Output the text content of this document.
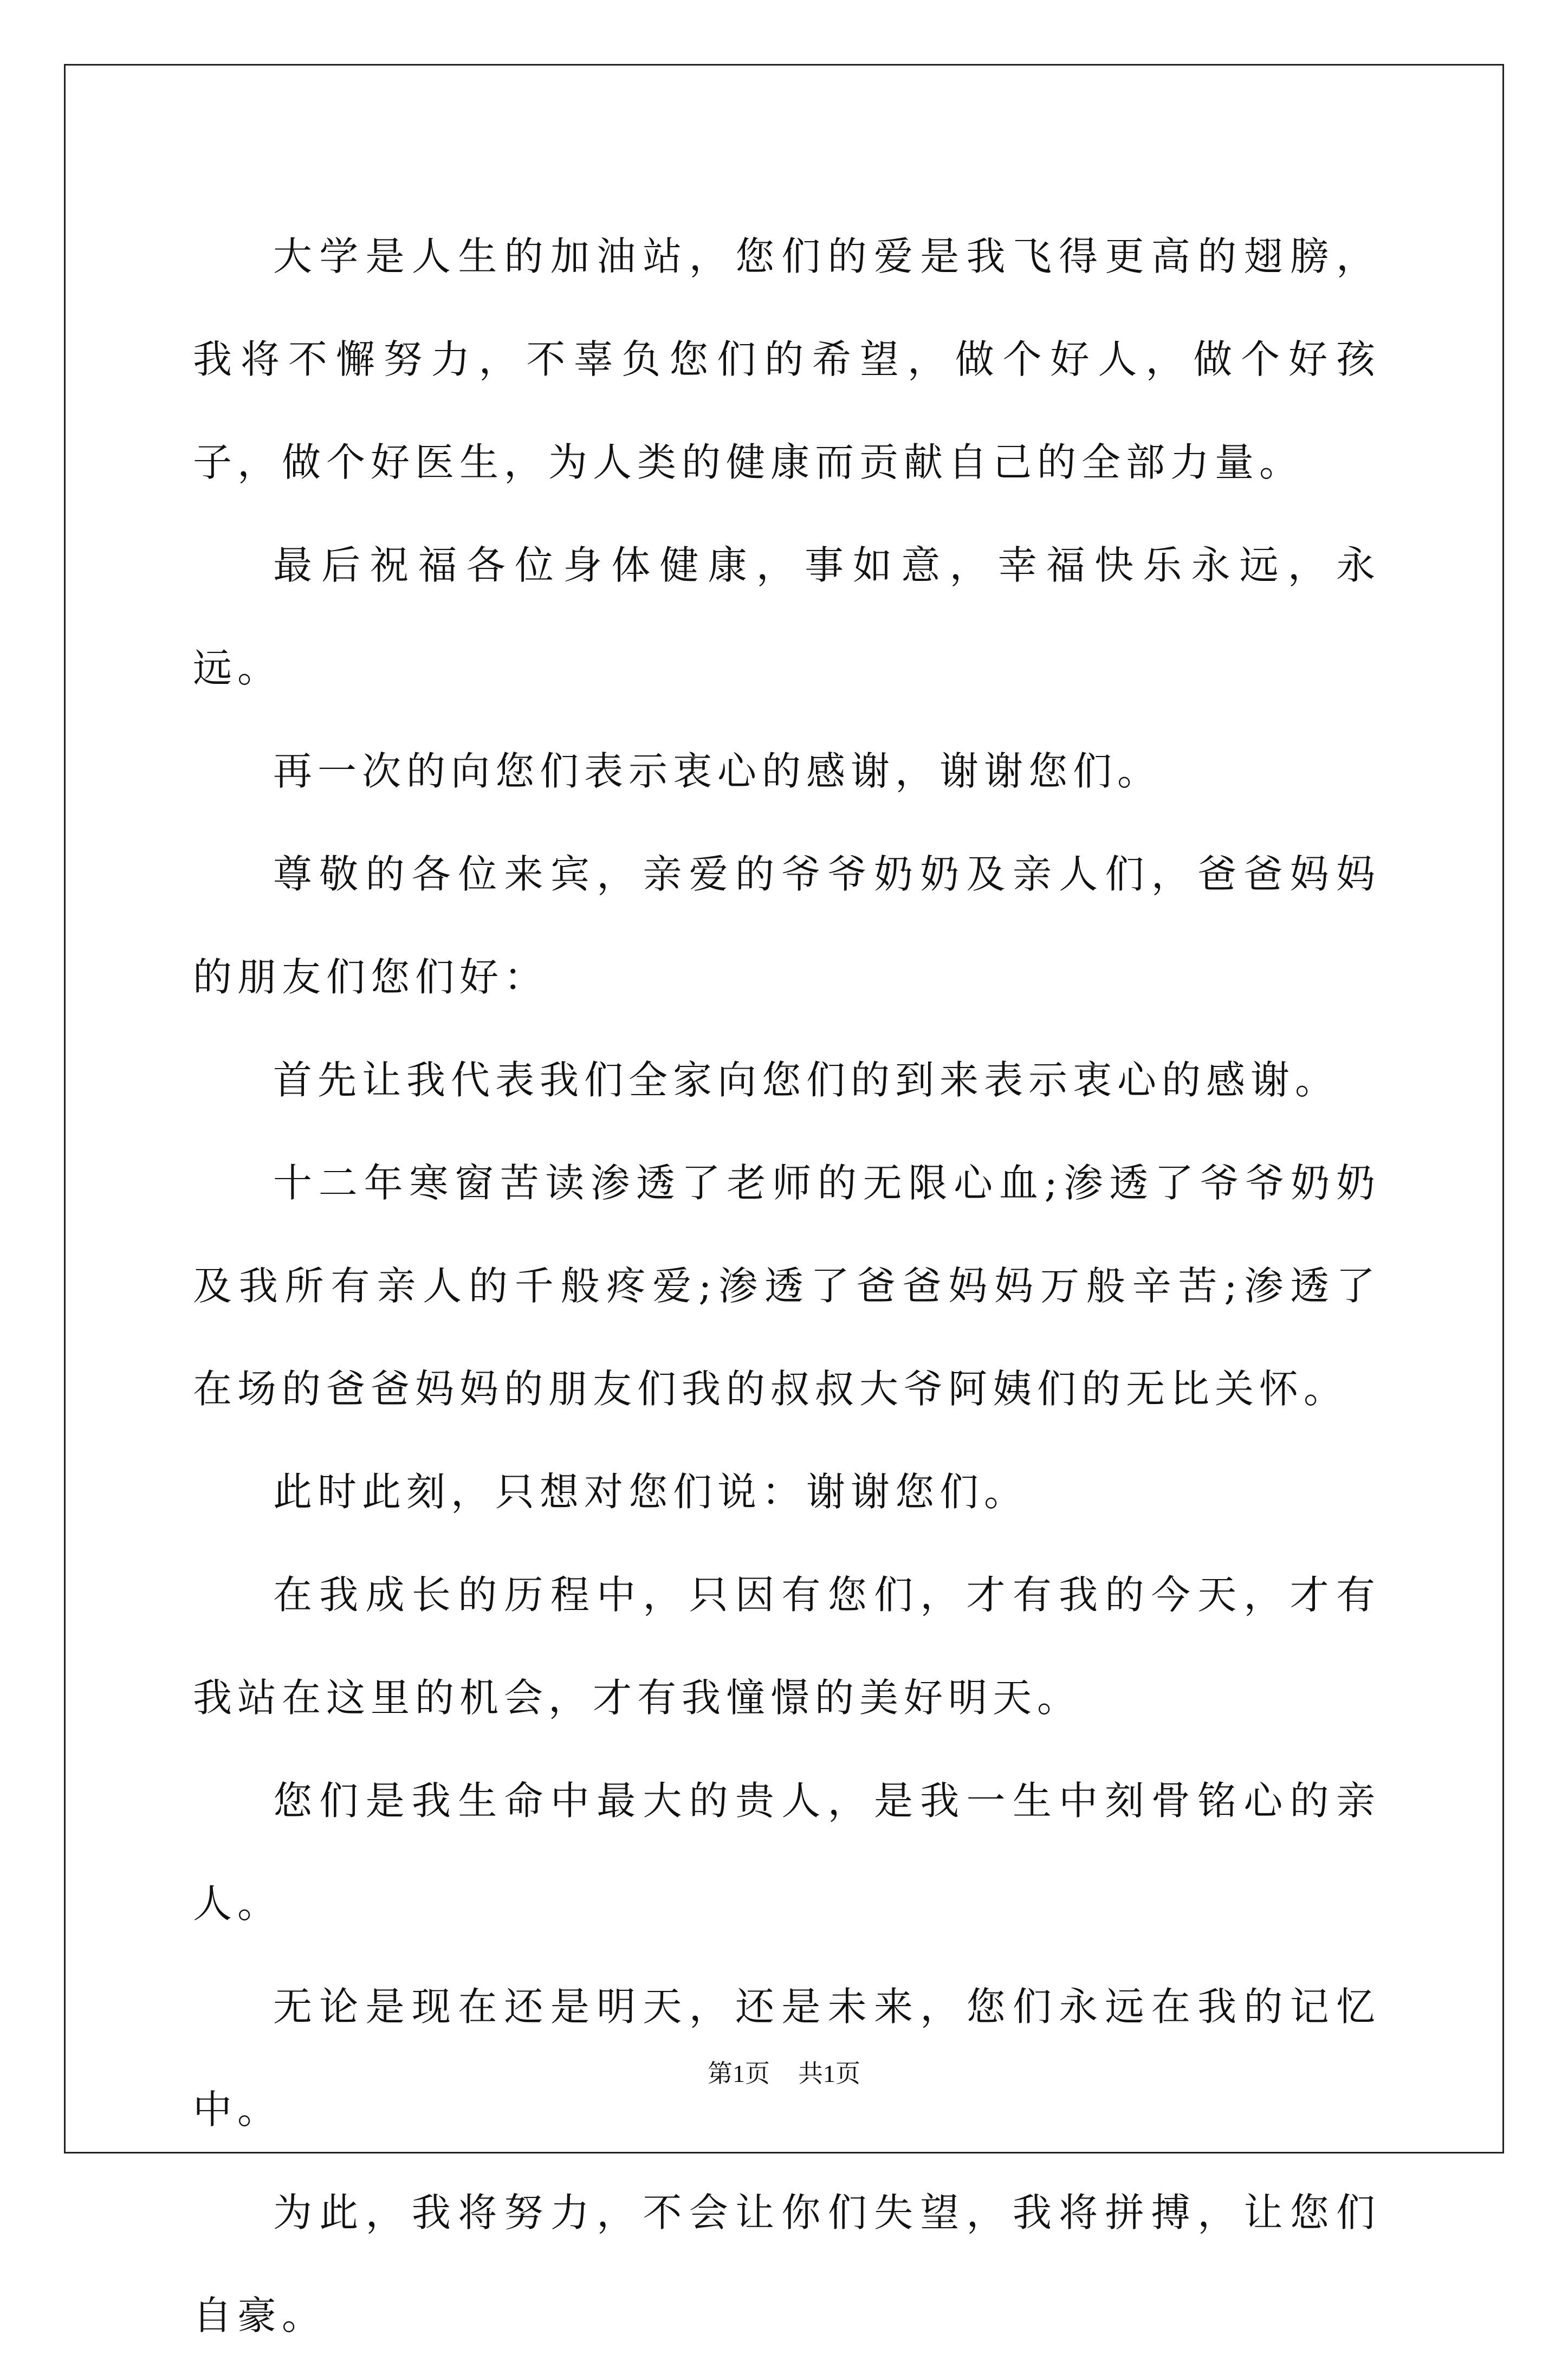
大学是人生的加油站，您们的爱是我飞得更高的翅膀，我将不懈努力，不辜负您们的希望，做个好人，做个好孩子，做个好医生，为人类的健康而贡献自己的全部力量。

最后祝福各位身体健康，事如意，幸福快乐永远，永远。

再一次的向您们表示衷心的感谢，谢谢您们。

尊敬的各位来宾，亲爱的爷爷奶奶及亲人们，爸爸妈妈的朋友们您们好：

首先让我代表我们全家向您们的到来表示衷心的感谢。

十二年寒窗苦读渗透了老师的无限心血;渗透了爷爷奶奶及我所有亲人的千般疼爱;渗透了爸爸妈妈万般辛苦;渗透了在场的爸爸妈妈的朋友们我的叔叔大爷阿姨们的无比关怀。

此时此刻，只想对您们说：谢谢您们。

在我成长的历程中，只因有您们，才有我的今天，才有我站在这里的机会，才有我憧憬的美好明天。

您们是我生命中最大的贵人，是我一生中刻骨铭心的亲人。

无论是现在还是明天，还是未来，您们永远在我的记忆中。

为此，我将努力，不会让你们失望，我将拼搏，让您们自豪。

第1页 共1页
